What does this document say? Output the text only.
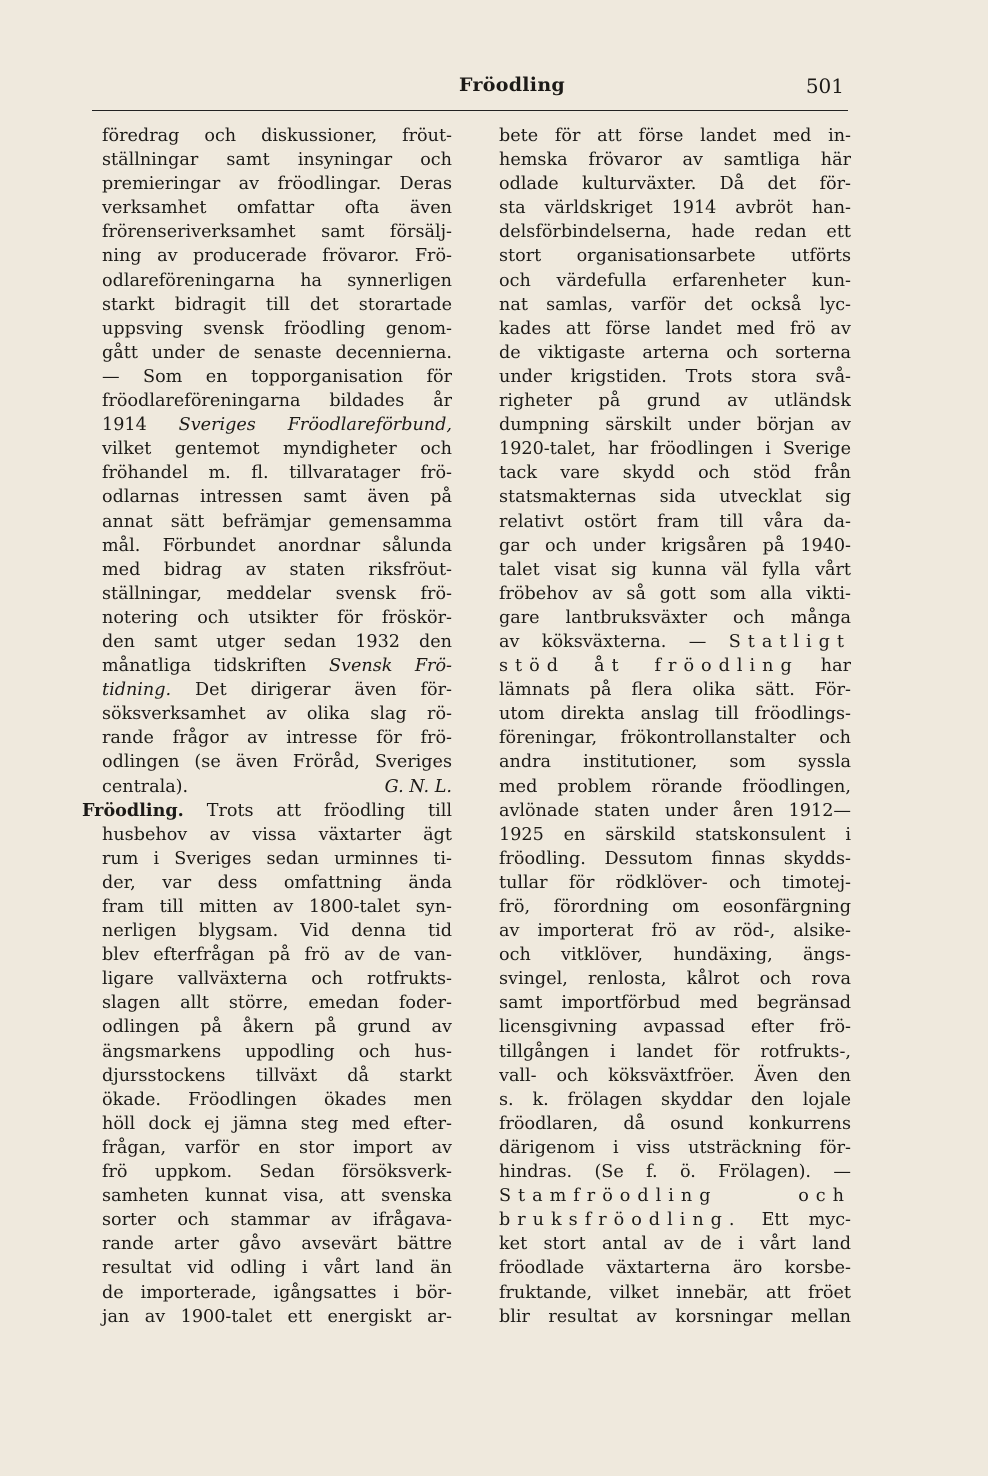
Fröodling	501
föredrag och diskussioner, fröut-
ställningar samt insyningar och
premieringar av fröodlingar. Deras
verksamhet omfattar ofta även
frörenseriverksamhet samt försälj-
ning av producerade frövaror. Frö-
odlareföreningarna ha synnerligen
starkt bidragit till det storartade
uppsving svensk fröodling genom-
gått under de senaste decennierna.
— Som en topporganisation för
fröodlareföreningarna bildades år
1914 Sveriges Fröodlareförbund,
vilket gentemot myndigheter och
fröhandel m. fl. tillvaratager frö-
odlarnas intressen samt även på
annat sätt befrämjar gemensamma
mål. Förbundet anordnar sålunda
med bidrag av staten riksfröut-
ställningar, meddelar svensk frö-
notering och utsikter för fröskör-
den samt utger sedan 1932 den
månatliga tidskriften Svensk Frö-
tidning. Det dirigerar även för-
söksverksamhet av olika slag rö-
rande frågor av intresse för frö-
odlingen (se även Fröråd, Sveriges
centrala).	G. N. L.
Fröodling. Trots att fröodling till
husbehov av vissa växtarter ägt
rum i Sveriges sedan urminnes ti-
der, var dess omfattning ända
fram till mitten av 1800-talet syn-
nerligen blygsam. Vid denna tid
blev efterfrågan på frö av de van-
ligare vallväxterna och rotfrukts-
slagen allt större, emedan foder-
odlingen på åkern på grund av
ängsmarkens uppodling och hus-
djursstockens tillväxt då starkt
ökade. Fröodlingen ökades men
höll dock ej jämna steg med efter-
frågan, varför en stor import av
frö uppkom. Sedan försöksverk-
samheten kunnat visa, att svenska
sorter och stammar av ifrågava-
rande arter gåvo avsevärt bättre
resultat vid odling i vårt land än
de importerade, igångsattes i bör-
jan av 1900-talet ett energiskt ar-
bete för att förse landet med in-
hemska frövaror av samtliga här
odlade kulturväxter. Då det för-
sta världskriget 1914 avbröt han-
delsförbindelserna, hade redan ett
stort organisationsarbete utförts
och värdefulla erfarenheter kun-
nat samlas, varför det också lyc-
kades att förse landet med frö av
de viktigaste arterna och sorterna
under krigstiden. Trots stora svå-
righeter på grund av utländsk
dumpning särskilt under början av
1920-talet, har fröodlingen i Sverige
tack vare skydd och stöd från
statsmakternas sida utvecklat sig
relativt ostört fram till våra da-
gar och under krigsåren på 1940-
talet visat sig kunna väl fylla vårt
fröbehov av så gott som alla vikti-
gare lantbruksväxter och många
av köksväxterna. — Statligt
stöd åt fröodling har
lämnats på flera olika sätt. För-
utom direkta anslag till fröodlings-
föreningar, frökontrollanstalter och
andra institutioner, som syssla
med problem rörande fröodlingen,
avlönade staten under åren 1912—
1925 en särskild statskonsulent i
fröodling. Dessutom finnas skydds-
tullar för rödklöver- och timotej-
frö, förordning om eosonfärgning
av importerat frö av röd-, alsike-
och vitklöver, hundäxing, ängs-
svingel, renlosta, kålrot och rova
samt importförbud med begränsad
licensgivning avpassad efter frö-
tillgången i landet för rotfrukts-,
vall- och köksväxtfröer. Även den
s. k. frölagen skyddar den lojale
fröodlaren, då osund konkurrens
därigenom i viss utsträckning för-
hindras. (Se f. ö. Frölagen). —
Stamfröodling och
bruksfröodling. Ett myc-
ket stort antal av de i vårt land
fröodlade växtarterna äro korsbe-
fruktande, vilket innebär, att fröet
blir resultat av korsningar mellan
